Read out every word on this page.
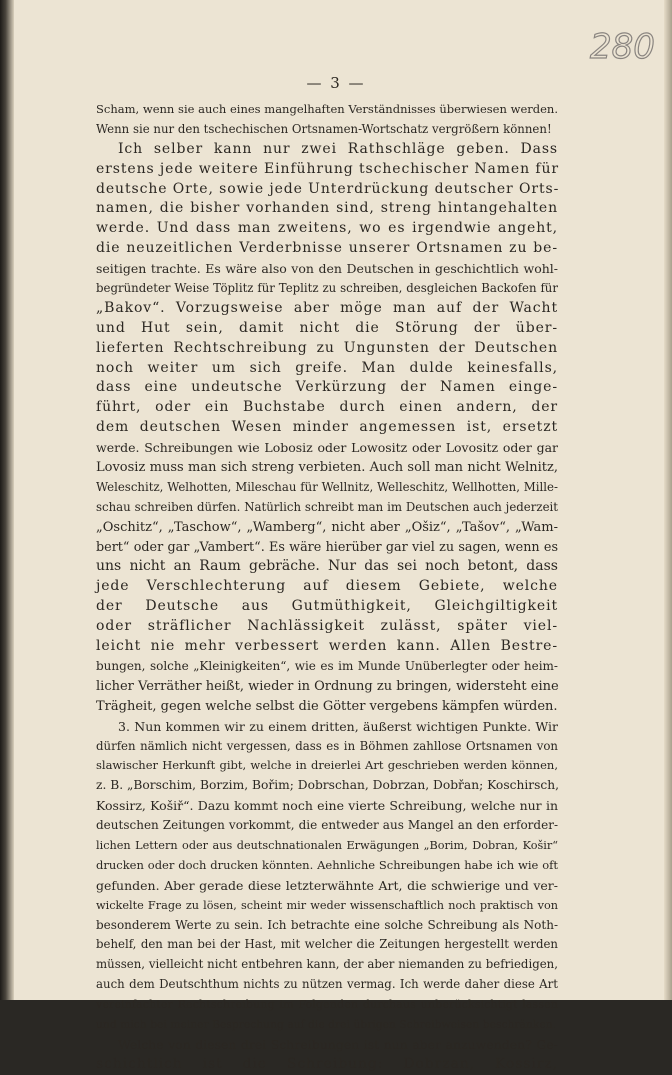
280
— 3 —
Scham, wenn sie auch eines mangelhaften Verständnisses überwiesen werden.
Wenn sie nur den tschechischen Ortsnamen-Wortschatz vergrößern können!
Ich selber kann nur zwei Rathschläge geben. Dass
erstens jede weitere Einführung tschechischer Namen für
deutsche Orte, sowie jede Unterdrückung deutscher Orts-
namen, die bisher vorhanden sind, streng hintangehalten
werde. Und dass man zweitens, wo es irgendwie angeht,
die neuzeitlichen Verderbnisse unserer Ortsnamen zu be-
seitigen trachte. Es wäre also von den Deutschen in geschichtlich wohl-
begründeter Weise Töplitz für Teplitz zu schreiben, desgleichen Backofen für
„Bakov“. Vorzugsweise aber möge man auf der Wacht
und Hut sein, damit nicht die Störung der über-
lieferten Rechtschreibung zu Ungunsten der Deutschen
noch weiter um sich greife. Man dulde keinesfalls,
dass eine undeutsche Verkürzung der Namen einge-
führt, oder ein Buchstabe durch einen andern, der
dem deutschen Wesen minder angemessen ist, ersetzt
werde. Schreibungen wie Lobosiz oder Lowositz oder Lovositz oder gar
Lovosiz muss man sich streng verbieten. Auch soll man nicht Welnitz,
Weleschitz, Welhotten, Mileschau für Wellnitz, Welleschitz, Wellhotten, Mille-
schau schreiben dürfen. Natürlich schreibt man im Deutschen auch jederzeit
„Oschitz“, „Taschow“, „Wamberg“, nicht aber „Ošiz“, „Tašov“, „Wam-
bert“ oder gar „Vambert“. Es wäre hierüber gar viel zu sagen, wenn es
uns nicht an Raum gebräche. Nur das sei noch betont, dass
jede Verschlechterung auf diesem Gebiete, welche
der Deutsche aus Gutmüthigkeit, Gleichgiltigkeit
oder sträflicher Nachlässigkeit zulässt, später viel-
leicht nie mehr verbessert werden kann. Allen Bestre-
bungen, solche „Kleinigkeiten“, wie es im Munde Unüberlegter oder heim-
licher Verräther heißt, wieder in Ordnung zu bringen, widersteht eine
Trägheit, gegen welche selbst die Götter vergebens kämpfen würden.
3. Nun kommen wir zu einem dritten, äußerst wichtigen Punkte. Wir
dürfen nämlich nicht vergessen, dass es in Böhmen zahllose Ortsnamen von
slawischer Herkunft gibt, welche in dreierlei Art geschrieben werden können,
z. B. „Borschim, Borzim, Bořim; Dobrschan, Dobrzan, Dobřan; Koschirsch,
Kossirz, Košiř“. Dazu kommt noch eine vierte Schreibung, welche nur in
deutschen Zeitungen vorkommt, die entweder aus Mangel an den erforder-
lichen Lettern oder aus deutschnationalen Erwägungen „Borim, Dobran, Košir“
drucken oder doch drucken könnten. Aehnliche Schreibungen habe ich wie oft
gefunden. Aber gerade diese letzterwähnte Art, die schwierige und ver-
wickelte Frage zu lösen, scheint mir weder wissenschaftlich noch praktisch von
besonderem Werte zu sein. Ich betrachte eine solche Schreibung als Noth-
behelf, den man bei der Hast, mit welcher die Zeitungen hergestellt werden
müssen, vielleicht nicht entbehren kann, der aber niemanden zu befriedigen,
auch dem Deutschthum nichts zu nützen vermag. Ich werde daher diese Art
vereinfachter Rechtschreibung im Folgenden durchaus unberücksichtigt lassen
und mich bei meiner Besprechung auf die drei übrigen Schreibweisen beschränken.
Welche von diesen drei Schreibungen ist nun aber anzuwenden? Ge-
schichtlich ist die Schreibung: Dobrzan, Kossirz,
